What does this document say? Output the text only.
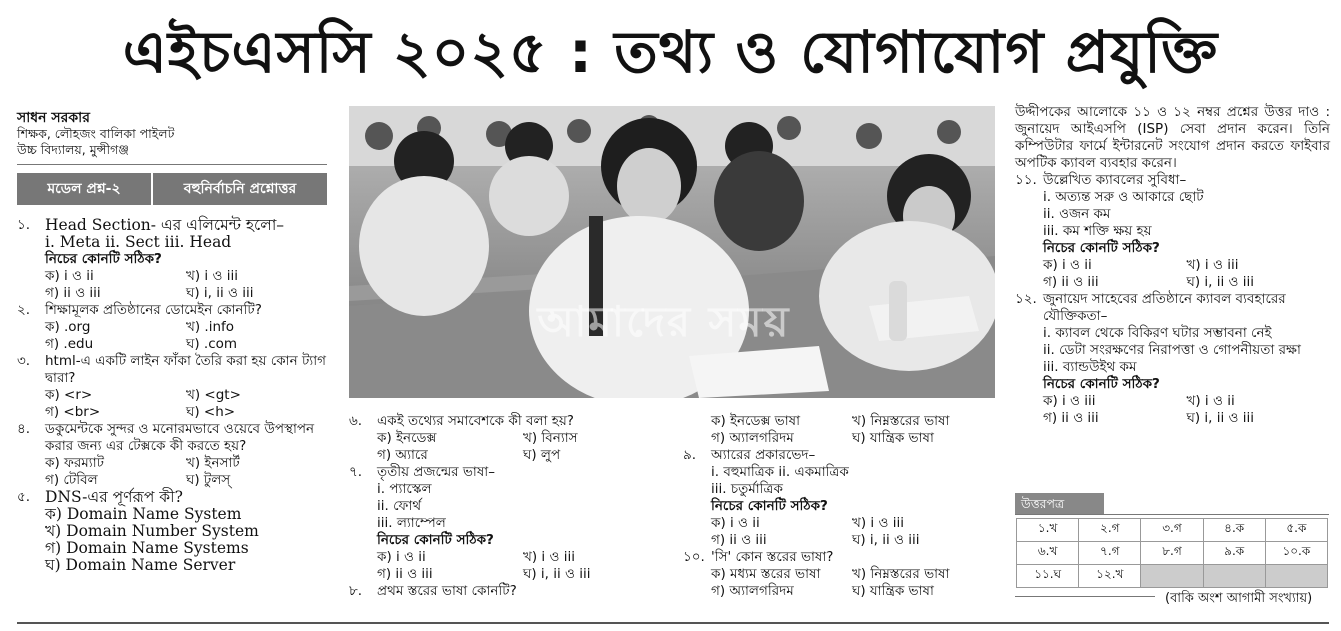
এইচএসসি ২০২৫ : তথ্য ও যোগাযোগ প্রযুক্তি
সাধন সরকার
শিক্ষক, লৌহজং বালিকা পাইলট
উচ্চ বিদ্যালয়, মুন্সীগঞ্জ
মডেল প্রশ্ন-২	বহুনির্বাচনি প্রশ্নোত্তর
১. Head Section- এর এলিমেন্ট হলো–
i. Meta ii. Sect iii. Head
নিচের কোনটি সঠিক?
ক) i ও ii	খ) i ও iii
গ) ii ও iii	ঘ) i, ii ও iii
২.	শিক্ষামূলক প্রতিষ্ঠানের ডোমেইন কোনটি?
ক) .org	খ) .info
গ) .edu	ঘ) .com
৩.	html-এ একটি লাইন ফাঁকা তৈরি করা হয় কোন ট্যাগ দ্বারা?
ক) <r>	খ) <gt>
গ) <br>	ঘ) <h>
৪.	ডকুমেন্টকে সুন্দর ও মনোরমভাবে ওয়েবে উপস্থাপন করার জন্য এর টেক্সকে কী করতে হয়?
ক) ফরম্যাট	খ) ইনসার্ট
গ) টেবিল	ঘ) টুলস্
৫. DNS-এর পূর্ণরূপ কী?
ক) Domain Name System
খ) Domain Number System
গ) Domain Name Systems
ঘ) Domain Name Server
আমাদের সময়
৬.	একই তথ্যের সমাবেশকে কী বলা হয়?
ক) ইনডেক্স	খ) বিন্যাস
গ) অ্যারে	ঘ) লুপ
৭.	তৃতীয় প্রজন্মের ভাষা–
i. প্যাস্কেল
ii. ফোর্থ
iii. ল্যাম্পেল
নিচের কোনটি সঠিক?
ক) i ও ii	খ) i ও iii
গ) ii ও iii	ঘ) i, ii ও iii
৮.	প্রথম স্তরের ভাষা কোনটি?
ক) ইনডেক্স ভাষা	খ) নিম্নস্তরের ভাষা
গ) অ্যালগরিদম	ঘ) যান্ত্রিক ভাষা
৯.	অ্যারের প্রকারভেদ–
i. বহুমাত্রিক ii. একমাত্রিক
iii. চতুর্মাত্রিক
নিচের কোনটি সঠিক?
ক) i ও ii	খ) i ও iii
গ) ii ও iii	ঘ) i, ii ও iii
১০. 'সি' কোন স্তরের ভাষা?
ক) মধ্যম স্তরের ভাষা	খ) নিম্নস্তরের ভাষা
গ) অ্যালগরিদম	ঘ) যান্ত্রিক ভাষা
উদ্দীপকের আলোকে ১১ ও ১২ নম্বর প্রশ্নের উত্তর দাও : জুনায়েদ আইএসপি (ISP) সেবা প্রদান করেন। তিনি কম্পিউটার ফার্মে ইন্টারনেট সংযোগ প্রদান করতে ফাইবার অপটিক ক্যাবল ব্যবহার করেন।
১১. উল্লেখিত ক্যাবলের সুবিধা–
i. অত্যন্ত সরু ও আকারে ছোট
ii. ওজন কম
iii. কম শক্তি ক্ষয় হয়
নিচের কোনটি সঠিক?
ক) i ও ii	খ) i ও iii
গ) ii ও iii	ঘ) i, ii ও iii
১২. জুনায়েদ সাহেবের প্রতিষ্ঠানে ক্যাবল ব্যবহারের যৌক্তিকতা–
i. ক্যাবল থেকে বিকিরণ ঘটার সম্ভাবনা নেই
ii. ডেটা সংরক্ষণের নিরাপত্তা ও গোপনীয়তা রক্ষা
iii. ব্যান্ডউইথ কম
নিচের কোনটি সঠিক?
ক) i ও iii	খ) i ও ii
গ) ii ও iii	ঘ) i, ii ও iii
উত্তরপত্র
১.খ	২.গ	৩.গ	৪.ক	৫.ক
৬.খ	৭.গ	৮.গ	৯.ক	১০.ক
১১.ঘ	১২.খ			
(বাকি অংশ আগামী সংখ্যায়)
